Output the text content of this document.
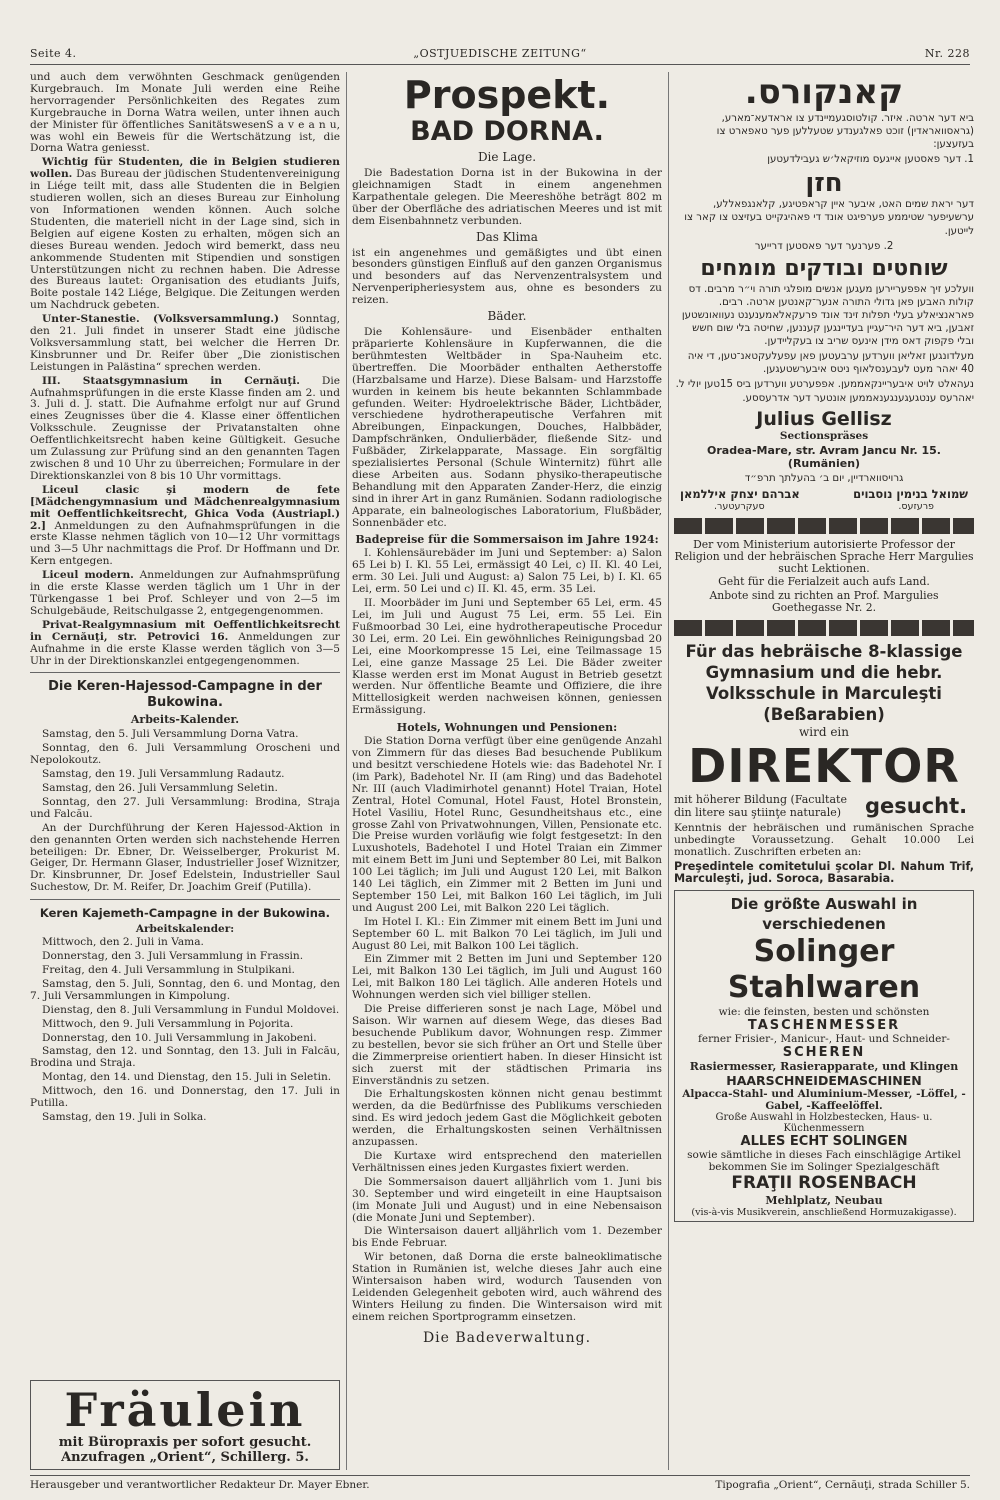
Seite 4.	„OSTJUEDISCHE ZEITUNG“	Nr. 228

und auch dem verwöhnten Geschmack genügenden Kurgebrauch. Im Monate Juli werden eine Reihe hervorragender Persönlichkeiten des Regates zum Kurgebrauche in Dorna Watra weilen, unter ihnen auch der Minister für öffentliches SanitätswesenS a v e a n u, was wohl ein Beweis für die Wertschätzung ist, die Dorna Watra geniesst.

Wichtig für Studenten, die in Belgien studieren wollen. Das Bureau der jüdischen Studentenvereinigung in Liége teilt mit, dass alle Studenten die in Belgien studieren wollen, sich an dieses Bureau zur Einholung von Informationen wenden können. Auch solche Studenten, die materiell nicht in der Lage sind, sich in Belgien auf eigene Kosten zu erhalten, mögen sich an dieses Bureau wenden. Jedoch wird bemerkt, dass neu ankommende Studenten mit Stipendien und sonstigen Unterstützungen nicht zu rechnen haben. Die Adresse des Bureaus lautet: Organisation des etudiants Juifs, Boite postale 142 Liége, Belgique. Die Zeitungen werden um Nachdruck gebeten.

Unter-Stanestie. (Volksversammlung.) Sonntag, den 21. Juli findet in unserer Stadt eine jüdische Volksversammlung statt, bei welcher die Herren Dr. Kinsbrunner und Dr. Reifer über „Die zionistischen Leistungen in Palästina“ sprechen werden.

III. Staatsgymnasium in Cernăuţi. Die Aufnahmsprüfungen in die erste Klasse finden am 2. und 3. Juli d. J. statt. Die Aufnahme erfolgt nur auf Grund eines Zeugnisses über die 4. Klasse einer öffentlichen Volksschule. Zeugnisse der Privatanstalten ohne Oeffentlichkeitsrecht haben keine Gültigkeit. Gesuche um Zulassung zur Prüfung sind an den genannten Tagen zwischen 8 und 10 Uhr zu überreichen; Formulare in der Direktionskanzlei von 8 bis 10 Uhr vormittags.

Liceul clasic şi modern de fete [Mädchengymnasium und Mädchenrealgymnasium mit Oeffentlichkeitsrecht, Ghica Voda (Austriapl.) 2.] Anmeldungen zu den Aufnahmsprüfungen in die erste Klasse nehmen täglich von 10—12 Uhr vormittags und 3—5 Uhr nachmittags die Prof. Dr Hoffmann und Dr. Kern entgegen.

Liceul modern. Anmeldungen zur Aufnahmsprüfung in die erste Klasse werden täglich um 1 Uhr in der Türkengasse 1 bei Prof. Schleyer und von 2—5 im Schulgebäude, Reitschulgasse 2, entgegengenommen.

Privat-Realgymnasium mit Oeffentlichkeitsrecht in Cernăuţi, str. Petrovici 16. Anmeldungen zur Aufnahme in die erste Klasse werden täglich von 3—5 Uhr in der Direktionskanzlei entgegengenommen.

Die Keren-Hajessod-Campagne in der Bukowina.
Arbeits-Kalender.

Samstag, den 5. Juli Versammlung Dorna Vatra.

Sonntag, den 6. Juli Versammlung Oroscheni und Nepolokoutz.

Samstag, den 19. Juli Versammlung Radautz.

Samstag, den 26. Juli Versammlung Seletin.

Sonntag, den 27. Juli Versammlung: Brodina, Straja und Falcău.

An der Durchführung der Keren Hajessod-Aktion in den genannten Orten werden sich nachstehende Herren beteiligen: Dr. Ebner, Dr. Weisselberger, Prokurist M. Geiger, Dr. Hermann Glaser, Industrieller Josef Wiznitzer, Dr. Kinsbrunner, Dr. Josef Edelstein, Industrieller Saul Suchestow, Dr. M. Reifer, Dr. Joachim Greif (Putilla).

Keren Kajemeth-Campagne in der Bukowina.
Arbeitskalender:

Mittwoch, den 2. Juli in Vama.

Donnerstag, den 3. Juli Versammlung in Frassin.

Freitag, den 4. Juli Versammlung in Stulpikani.

Samstag, den 5. Juli, Sonntag, den 6. und Montag, den 7. Juli Versammlungen in Kimpolung.

Dienstag, den 8. Juli Versammlung in Fundul Moldovei.

Mittwoch, den 9. Juli Versammlung in Pojorita.

Donnerstag, den 10. Juli Versammlung in Jakobeni.

Samstag, den 12. und Sonntag, den 13. Juli in Falcău, Brodina und Straja.

Montag, den 14. und Dienstag, den 15. Juli in Seletin.

Mittwoch, den 16. und Donnerstag, den 17. Juli in Putilla.

Samstag, den 19. Juli in Solka.

Fräulein
mit Büropraxis per sofort gesucht.
Anzufragen „Orient“, Schillerg. 5.
Prospekt.
BAD DORNA.
Die Lage.

Die Badestation Dorna ist in der Bukowina in der gleichnamigen Stadt in einem angenehmen Karpathentale gelegen. Die Meereshöhe beträgt 802 m über der Oberfläche des adriatischen Meeres und ist mit dem Eisenbahnnetz verbunden.

Das Klima

ist ein angenehmes und gemäßigtes und übt einen besonders günstigen Einfluß auf den ganzen Organismus und besonders auf das Nervenzentralsystem und Nervenperipheriesystem aus, ohne es besonders zu reizen.

Bäder.

Die Kohlensäure- und Eisenbäder enthalten präparierte Kohlensäure in Kupferwannen, die die berühmtesten Weltbäder in Spa-Nauheim etc. übertreffen. Die Moorbäder enthalten Aetherstoffe (Harzbalsame und Harze). Diese Balsam- und Harzstoffe wurden in keinem bis heute bekannten Schlammbade gefunden. Weiter: Hydroelektrische Bäder, Lichtbäder, verschiedene hydrotherapeutische Verfahren mit Abreibungen, Einpackungen, Douches, Halbbäder, Dampfschränken, Ondulierbäder, fließende Sitz- und Fußbäder, Zirkelapparate, Massage. Ein sorgfältig spezialisiertes Personal (Schule Winternitz) führt alle diese Arbeiten aus. Sodann physiko-therapeutische Behandlung mit den Apparaten Zander-Herz, die einzig sind in ihrer Art in ganz Rumänien. Sodann radiologische Apparate, ein balneologisches Laboratorium, Flußbäder, Sonnenbäder etc.

Badepreise für die Sommersaison im Jahre 1924:

I. Kohlensäurebäder im Juni und September: a) Salon 65 Lei b) I. Kl. 55 Lei, ermässigt 40 Lei, c) II. Kl. 40 Lei, erm. 30 Lei. Juli und August: a) Salon 75 Lei, b) I. Kl. 65 Lei, erm. 50 Lei und c) II. Kl. 45, erm. 35 Lei.

II. Moorbäder im Juni und September 65 Lei, erm. 45 Lei, im Juli und August 75 Lei, erm. 55 Lei. Ein Fußmoorbad 30 Lei, eine hydrotherapeutische Procedur 30 Lei, erm. 20 Lei. Ein gewöhnliches Reinigungsbad 20 Lei, eine Moorkompresse 15 Lei, eine Teilmassage 15 Lei, eine ganze Massage 25 Lei. Die Bäder zweiter Klasse werden erst im Monat August in Betrieb gesetzt werden. Nur öffentliche Beamte und Offiziere, die ihre Mittellosigkeit werden nachweisen können, geniessen Ermässigung.

Hotels, Wohnungen und Pensionen:

Die Station Dorna verfügt über eine genügende Anzahl von Zimmern für das dieses Bad besuchende Publikum und besitzt verschiedene Hotels wie: das Badehotel Nr. I (im Park), Badehotel Nr. II (am Ring) und das Badehotel Nr. III (auch Vladimirhotel genannt) Hotel Traian, Hotel Zentral, Hotel Comunal, Hotel Faust, Hotel Bronstein, Hotel Vasiliu, Hotel Runc, Gesundheitshaus etc., eine grosse Zahl von Privatwohnungen, Villen, Pensionate etc. Die Preise wurden vorläufig wie folgt festgesetzt: In den Luxushotels, Badehotel I und Hotel Traian ein Zimmer mit einem Bett im Juni und September 80 Lei, mit Balkon 100 Lei täglich; im Juli und August 120 Lei, mit Balkon 140 Lei täglich, ein Zimmer mit 2 Betten im Juni und September 150 Lei, mit Balkon 160 Lei täglich, im Juli und August 200 Lei, mit Balkon 220 Lei täglich.

Im Hotel I. Kl.: Ein Zimmer mit einem Bett im Juni und September 60 L. mit Balkon 70 Lei täglich, im Juli und August 80 Lei, mit Balkon 100 Lei täglich.

Ein Zimmer mit 2 Betten im Juni und September 120 Lei, mit Balkon 130 Lei täglich, im Juli und August 160 Lei, mit Balkon 180 Lei täglich. Alle anderen Hotels und Wohnungen werden sich viel billiger stellen.

Die Preise differieren sonst je nach Lage, Möbel und Saison. Wir warnen auf diesem Wege, das dieses Bad besuchende Publikum davor, Wohnungen resp. Zimmer zu bestellen, bevor sie sich früher an Ort und Stelle über die Zimmerpreise orientiert haben. In dieser Hinsicht ist sich zuerst mit der städtischen Primaria ins Einverständnis zu setzen.

Die Erhaltungskosten können nicht genau bestimmt werden, da die Bedürfnisse des Publikums verschieden sind. Es wird jedoch jedem Gast die Möglichkeit geboten werden, die Erhaltungskosten seinen Verhältnissen anzupassen.

Die Kurtaxe wird entsprechend den materiellen Verhältnissen eines jeden Kurgastes fixiert werden.

Die Sommersaison dauert alljährlich vom 1. Juni bis 30. September und wird eingeteilt in eine Hauptsaison (im Monate Juli und August) und in eine Nebensaison (die Monate Juni und September).

Die Wintersaison dauert alljährlich vom 1. Dezember bis Ende Februar.

Wir betonen, daß Dorna die erste balneoklimatische Station in Rumänien ist, welche dieses Jahr auch eine Wintersaison haben wird, wodurch Tausenden von Leidenden Gelegenheit geboten wird, auch während des Winters Heilung zu finden. Die Wintersaison wird mit einem reichen Sportprogramm einsetzen.

Die Badeverwaltung.
קאנקורס.

ביא דער ארטה. איזר. קולטוסגעמיינדע צו אראדעא־מארע, (גראסוואראדין) זוכט פאלגענדע שטעללען פער טאפארט צו בעזעצען:

1. דער פאסטען אייגעס מוזיקאל׳ש געבילדעטען

חזן

דער יראת שמים האט, איבער איין קראפטיגע, קלאנגפאללע, ערשעיפער שטיממע פערפיגט אונד די פאהיגקייט בעזיצט צו קאר צו לייטען.

2. פערנער דער פאסטען דרייער

שוחטים ובודקים מומחים

וועלכע זיך אפפעריירען מעגען אנשים מופלגי תורה וי״ר מרבים. דס קולות האבען פאן גדולי התורה אנער־קאנטען ארטה. רבים. פאראנציאלע בעלי תפלות זינד אונד פרעקאלאמענענט נעוואונשטען זאבען, ביא דער היר־עגיין בעדיינגען קעננען, שחיטה בלי שום חשש ובלי פקפוק דאס מידן אינעס שריב צו בעקליידען.

מעלדונגען זאליאן ווערדען ערבעטען פאן עפעלעקטאנ־טען, די איה 40 יאהר מעט לעבענסלאוף ניטס איבערשטעגען.

נעהאלט לויט איבעריינקאממען. אפפערטע ווערדען ביס 15טען יולי ל. יאהרעס ענטגעגענגענאממען אונטער דער אדרעססע.

Julius Gellisz
Sectionspräses
Oradea-Mare, str. Avram Jancu Nr. 15. (Rumänien)

גרויסווארדיין, יום ב׳ בהעלתך תרפ״ד

שמואל בנימין נוסבוים
אברהם יצחק איללמאן
פרעזעס.
סעקרעטער.

Der vom Ministerium autorisierte Professor der Religion und der hebräischen Sprache Herr Margulies sucht Lektionen.

Geht für die Ferialzeit auch aufs Land.

Anbote sind zu richten an Prof. Margulies Goethegasse Nr. 2.

Für das hebräische 8-klassige Gymnasium und die hebr. Volksschule in Marculeşti (Beßarabien)
wird ein
DIREKTOR
mit höherer Bildung (Facultate din litere sau ştiinţe naturale)	gesucht.

Kenntnis der hebräischen und rumänischen Sprache unbedingte Voraussetzung. Gehalt 10.000 Lei monatlich. Zuschriften erbeten an:

Preşedintele comitetului şcolar Dl. Nahum Trif, Marculeşti, jud. Soroca, Basarabia.

Die größte Auswahl in verschiedenen
Solinger Stahlwaren
wie: die feinsten, besten und schönsten
TASCHENMESSER
ferner Frisier-, Manicur-, Haut- und Schneider-
SCHEREN
Rasiermesser, Rasierapparate, und Klingen
HAARSCHNEIDEMASCHINEN
Alpacca-Stahl- und Aluminium-Messer, -Löffel, -Gabel, -Kaffeelöffel.
Große Auswahl in Holzbestecken, Haus- u. Küchenmessern
ALLES ECHT SOLINGEN
sowie sämtliche in dieses Fach einschlägige Artikel bekommen Sie im Solinger Spezialgeschäft
FRAŢII ROSENBACH
Mehlplatz, Neubau
(vis-à-vis Musikverein, anschließend Hormuzakigasse).
Herausgeber und verantwortlicher Redakteur Dr. Mayer Ebner.	Tipografia „Orient“, Cernăuţi, strada Schiller 5.
